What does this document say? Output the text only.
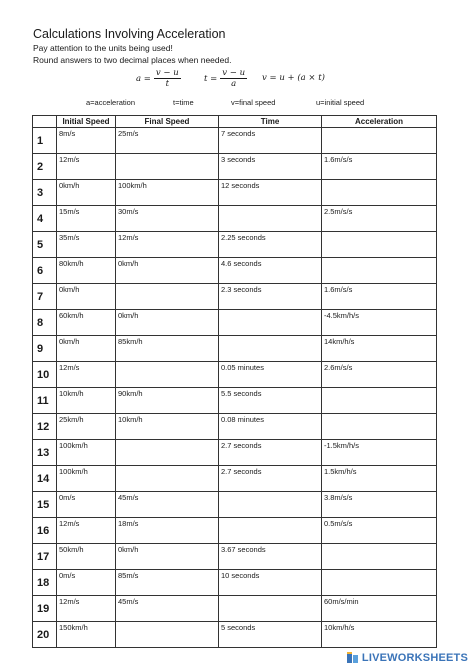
Calculations Involving Acceleration
Pay attention to the units being used!
Round answers to two decimal places when needed.
$a = \frac{v - u}{t}$	$t = \frac{v - u}{a}$ v = u + (a × t)
a=acceleration	t=time	v=final speed	u=initial speed
	Initial Speed	Final Speed	Time	Acceleration
1	8m/s	25m/s	7 seconds	
2	12m/s		3 seconds	1.6m/s/s
3	0km/h	100km/h	12 seconds	
4	15m/s	30m/s		2.5m/s/s
5	35m/s	12m/s	2.25 seconds	
6	80km/h	0km/h	4.6 seconds	
7	0km/h		2.3 seconds	1.6m/s/s
8	60km/h	0km/h		-4.5km/h/s
9	0km/h	85km/h		14km/h/s
10	12m/s		0.05 minutes	2.6m/s/s
11	10km/h	90km/h	5.5 seconds	
12	25km/h	10km/h	0.08 minutes	
13	100km/h		2.7 seconds	-1.5km/h/s
14	100km/h		2.7 seconds	1.5km/h/s
15	0m/s	45m/s		3.8m/s/s
16	12m/s	18m/s		0.5m/s/s
17	50km/h	0km/h	3.67 seconds	
18	0m/s	85m/s	10 seconds	
19	12m/s	45m/s		60m/s/min
20	150km/h		5 seconds	10km/h/s
LIVEWORKSHEETS
